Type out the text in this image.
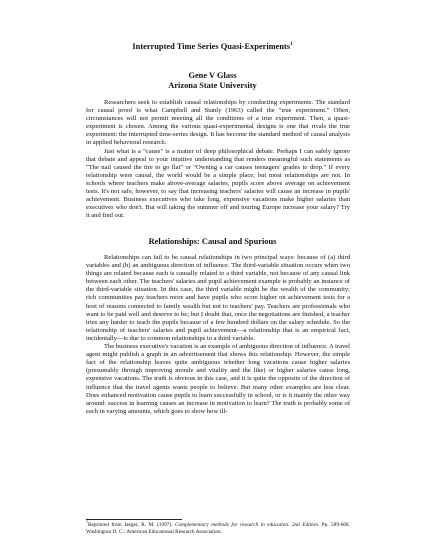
Interrupted Time Series Quasi-Experiments$^1$
Gene V Glass
Arizona State University

Researchers seek to establish causal relationships by conducting experiments. The standard for causal proof is what Campbell and Stanly (1963) called the "true experiment." Often, circumstances will not permit meeting all the conditions of a true experiment. Then, a quasi-experiment is chosen. Among the various quasi-experimental designs is one that rivals the true experiment: the interrupted time-series design. It has become the standard method of causal analysis in applied behavioral research.

Just what is a "cause" is a matter of deep philosophical debate. Perhaps I can safely ignore that debate and appeal to your intuitive understanding that renders meaningful such statements as "The nail caused the tire to go flat" or "Owning a car causes teenagers' grades to drop." If every relationship were causal, the world would be a simple place; but most relationships are not. In schools where teachers make above-average salaries, pupils score above average on achievement tests. It's not safe, however, to say that increasing teachers' salaries will cause an increase in pupils' achievement. Business executives who take long, expensive vacations make higher salaries than executives who don't. But will taking the summer off and touring Europe increase your salary? Try it and find out.

Relationships: Causal and Spurious

Relationships can fail to be causal relationships in two principal ways: because of (a) third variables and (b) an ambiguous direction of influence. The third-variable situation occurs when two things are related because each is causally related to a third variable, not because of any causal link between each other. The teachers' salaries and pupil achievement example is probably an instance of the third-variable situation. In this case, the third variable might be the wealth of the community; rich communities pay teachers more and have pupils who score higher on achievement tests for a host of reasons connected to family wealth but not to teachers' pay. Teachers are professionals who want to be paid well and deserve to be; but I doubt that, once the negotiations are finished, a teacher tries any harder to teach the pupils because of a few hundred dollars on the salary schedule. So the relationship of teachers' salaries and pupil achievement—a relationship that is an empirical fact, incidentally—is due to common relationships to a third variable.

The business executive's vacation is an example of ambiguous direction of influence. A travel agent might publish a graph in an advertisement that shows this relationship. However, the simple fact of the relationship leaves quite ambiguous whether long vacations cause higher salaries (presumably through improving morale and vitality and the like) or higher salaries cause long, expensive vacations. The truth is obvious in this case, and it is quite the opposite of the direction of influence that the travel agents wants people to believe. But many other examples are less clear. Does enhanced motivation cause pupils to learn successfully in school, or is it mainly the other way around: success in learning causes an increase in motivation to learn? The truth is probably some of each in varying amounts, which goes to show how ill-

$^1$Reprinted from Jaeger, R. M. (1997). Complementary methods for research in education. 2nd Edition. Pp. 589-608. Washington D. C.: American Educational Research Association.
